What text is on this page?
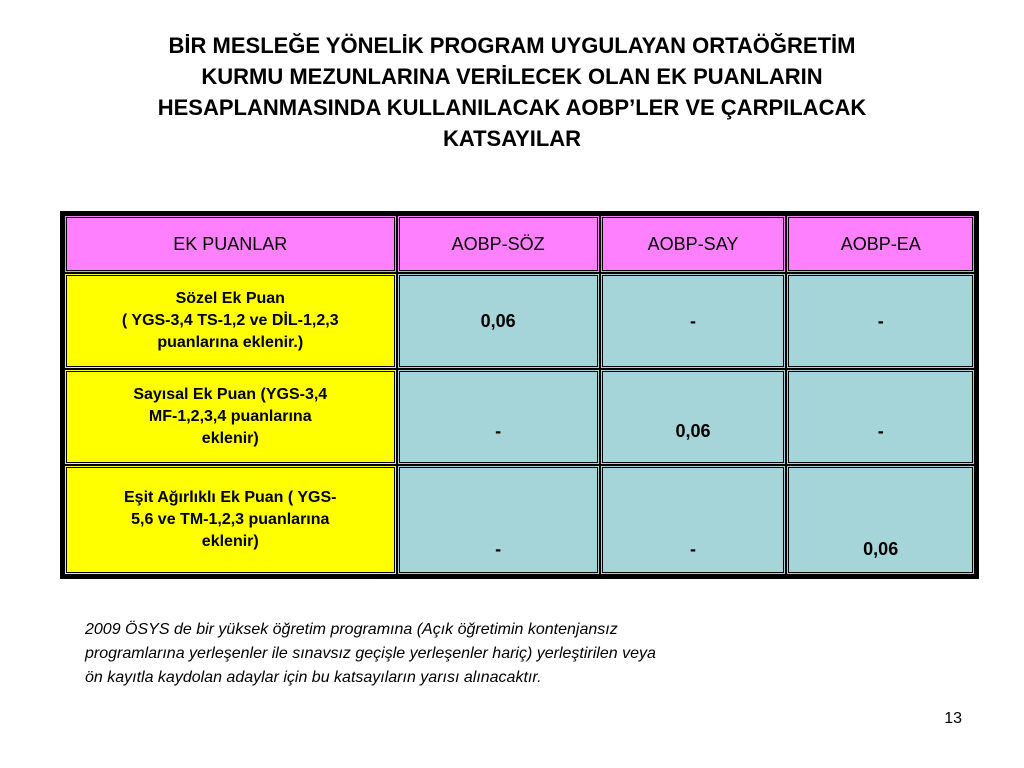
BİR MESLEĞE YÖNELİK PROGRAM UYGULAYAN ORTAÖĞRETİM
KURMU MEZUNLARINA VERİLECEK OLAN EK PUANLARIN
HESAPLANMASINDA KULLANILACAK AOBP’LER VE ÇARPILACAK
KATSAYILAR
EK PUANLAR	AOBP-SÖZ	AOBP-SAY	AOBP-EA

Sözel Ek Puan
( YGS-3,4 TS-1,2 ve DİL-1,2,3
puanlarına eklenir.)	0,06	-	-

Sayısal Ek Puan (YGS-3,4
MF-1,2,3,4 puanlarına
eklenir)	-	0,06	-

Eşit Ağırlıklı Ek Puan ( YGS-
5,6 ve TM-1,2,3 puanlarına
eklenir)	-	-	0,06
2009 ÖSYS de bir yüksek öğretim programına (Açık öğretimin kontenjansız
programlarına yerleşenler ile sınavsız geçişle yerleşenler hariç) yerleştirilen veya
ön kayıtla kaydolan adaylar için bu katsayıların yarısı alınacaktır.
13
